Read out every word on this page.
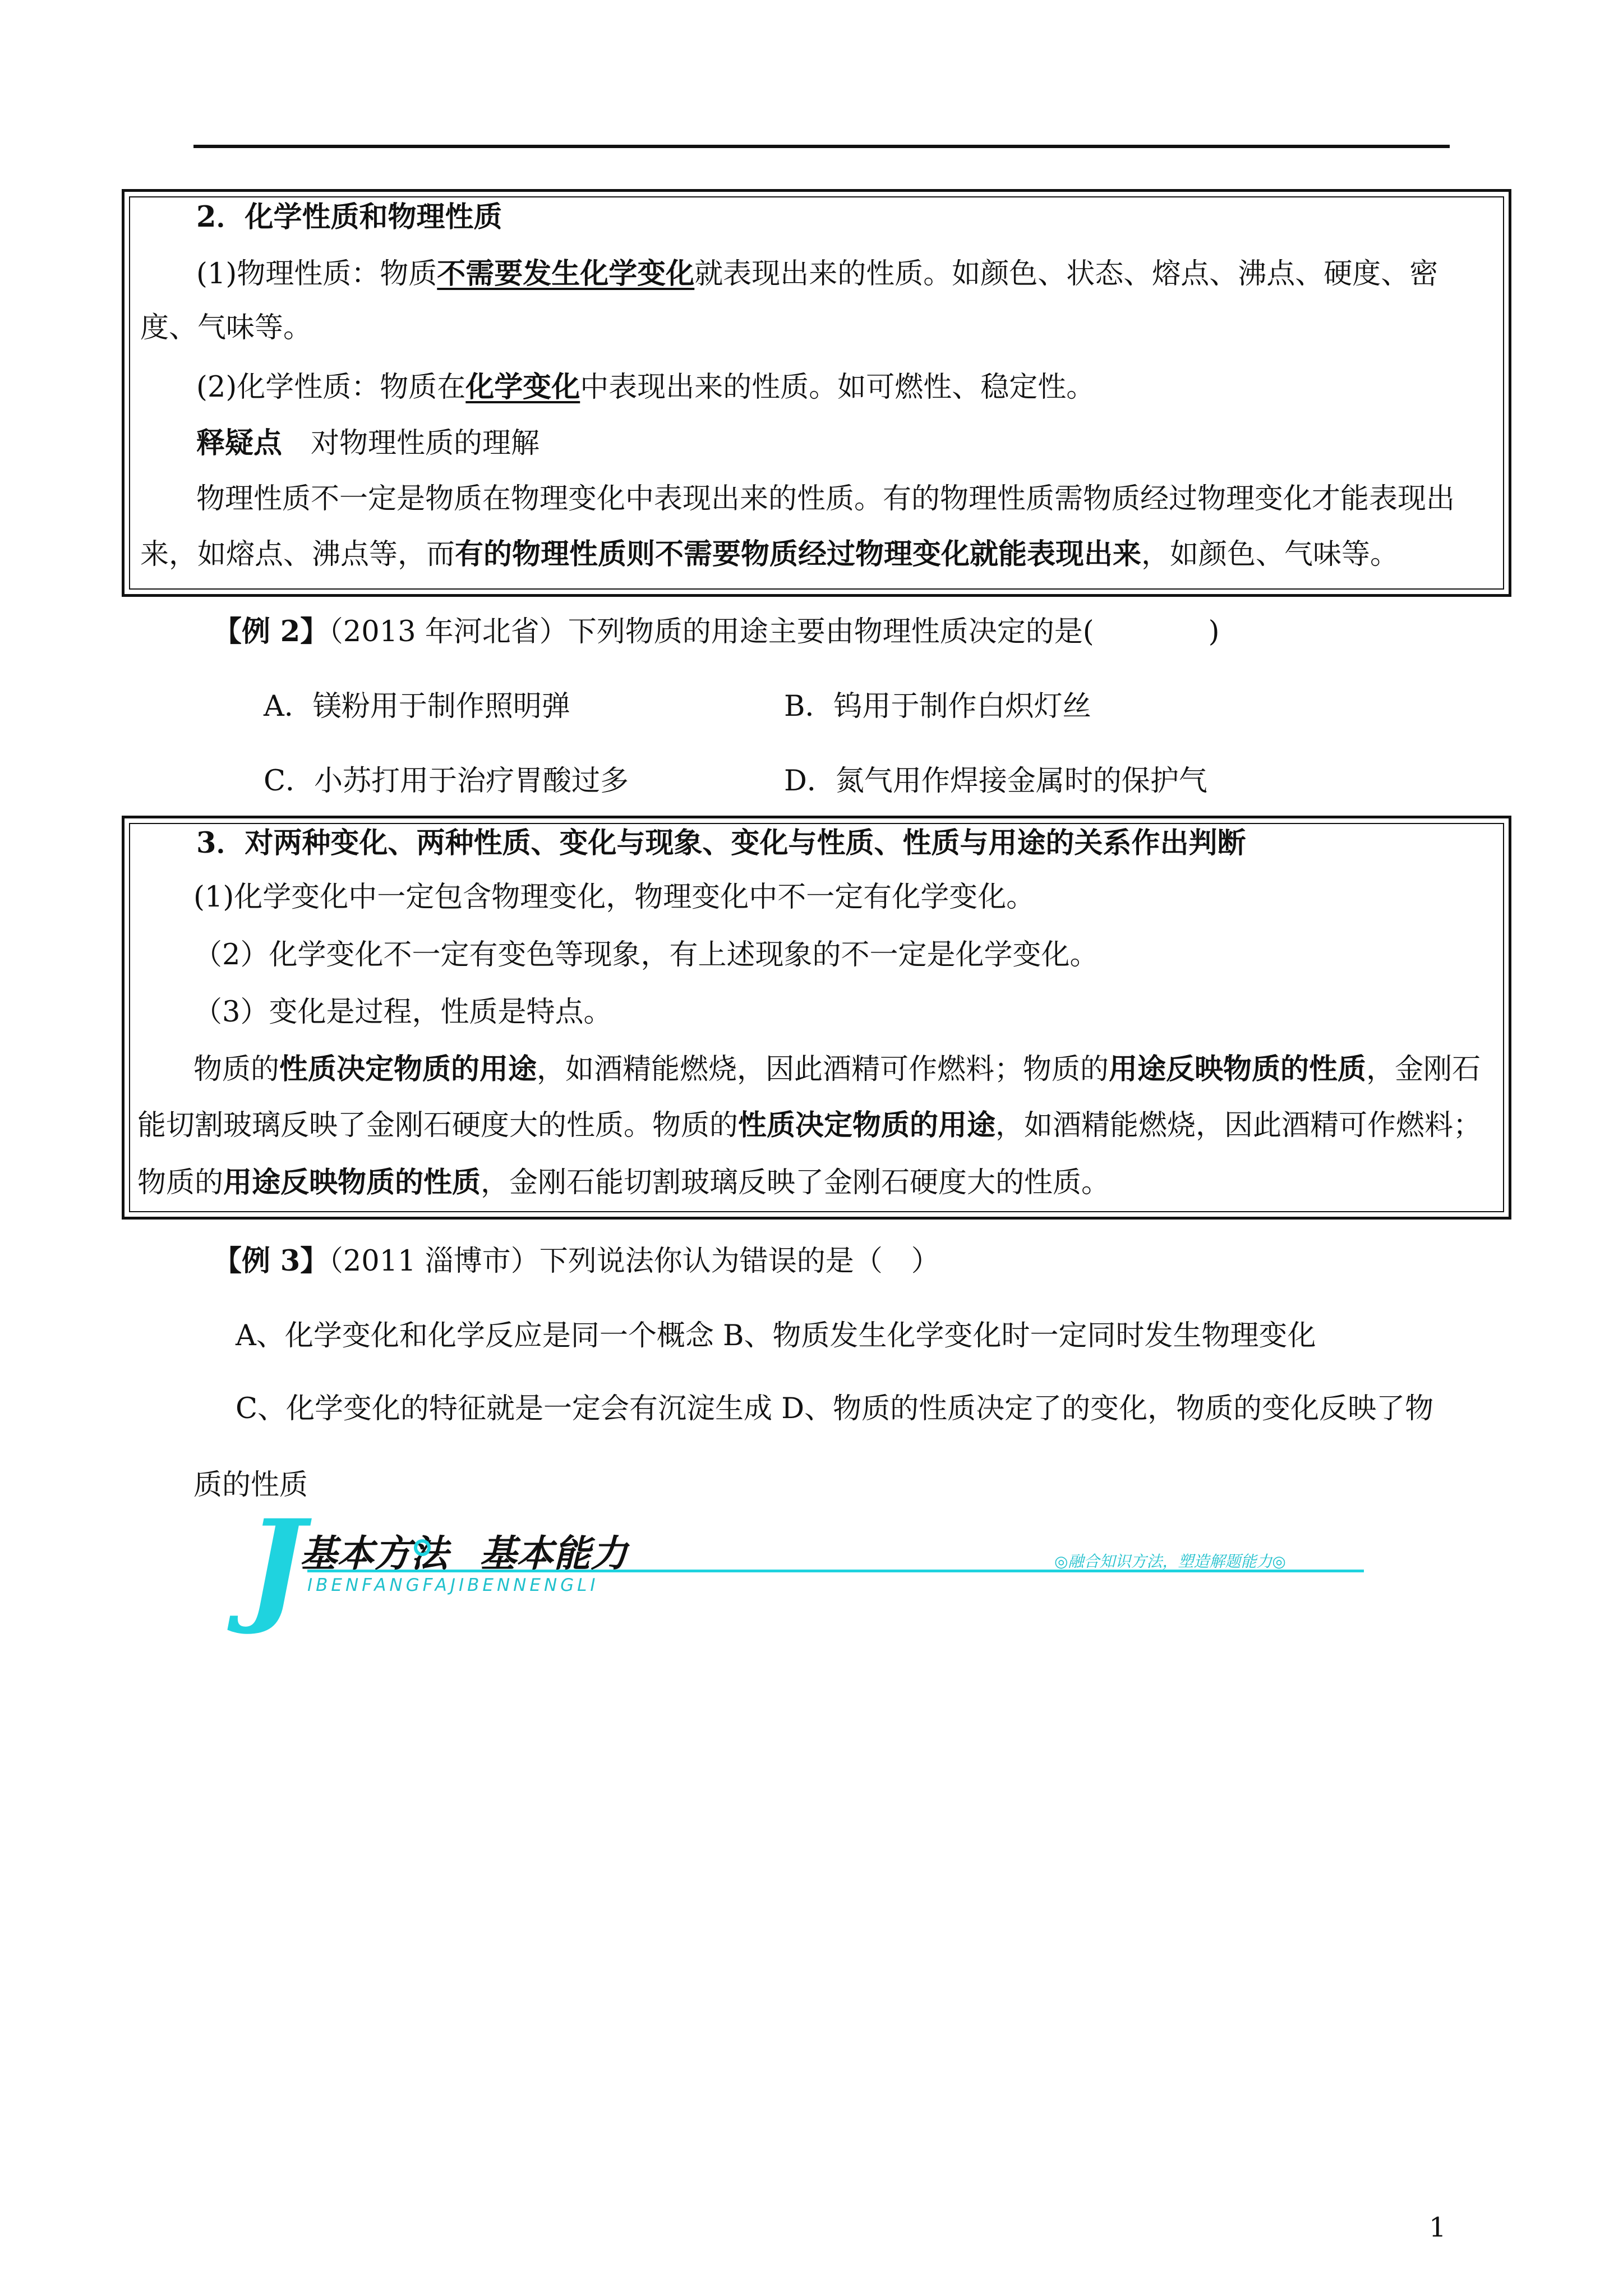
2．化学性质和物理性质
(1)物理性质：物质不需要发生化学变化就表现出来的性质。如颜色、状态、熔点、沸点、硬度、密
度、气味等。
(2)化学性质：物质在化学变化中表现出来的性质。如可燃性、稳定性。
释疑点　 对物理性质的理解
物理性质不一定是物质在物理变化中表现出来的性质。有的物理性质需物质经过物理变化才能表现出
来，如熔点、沸点等，而有的物理性质则不需要物质经过物理变化就能表现出来，如颜色、气味等。
【例 2】（2013 年河北省）下列物质的用途主要由物理性质决定的是(　　　　)
A．镁粉用于制作照明弹	B．钨用于制作白炽灯丝
C．小苏打用于治疗胃酸过多	D．氮气用作焊接金属时的保护气
3．对两种变化、两种性质、变化与现象、变化与性质、性质与用途的关系作出判断
(1)化学变化中一定包含物理变化，物理变化中不一定有化学变化。
（2）化学变化不一定有变色等现象，有上述现象的不一定是化学变化。
（3）变化是过程，性质是特点。
物质的性质决定物质的用途，如酒精能燃烧，因此酒精可作燃料；物质的用途反映物质的性质，金刚石
能切割玻璃反映了金刚石硬度大的性质。物质的性质决定物质的用途，如酒精能燃烧，因此酒精可作燃料；
物质的用途反映物质的性质，金刚石能切割玻璃反映了金刚石硬度大的性质。
【例 3】（2011 淄博市）下列说法你认为错误的是（　）
A、化学变化和化学反应是同一个概念 B、物质发生化学变化时一定同时发生物理变化
C、化学变化的特征就是一定会有沉淀生成 D、物质的性质决定了的变化，物质的变化反映了物
质的性质
J
基本方法 基本能力
IBENFANGFAJIBENNENGLI
◎融合知识方法，塑造解题能力◎
1
